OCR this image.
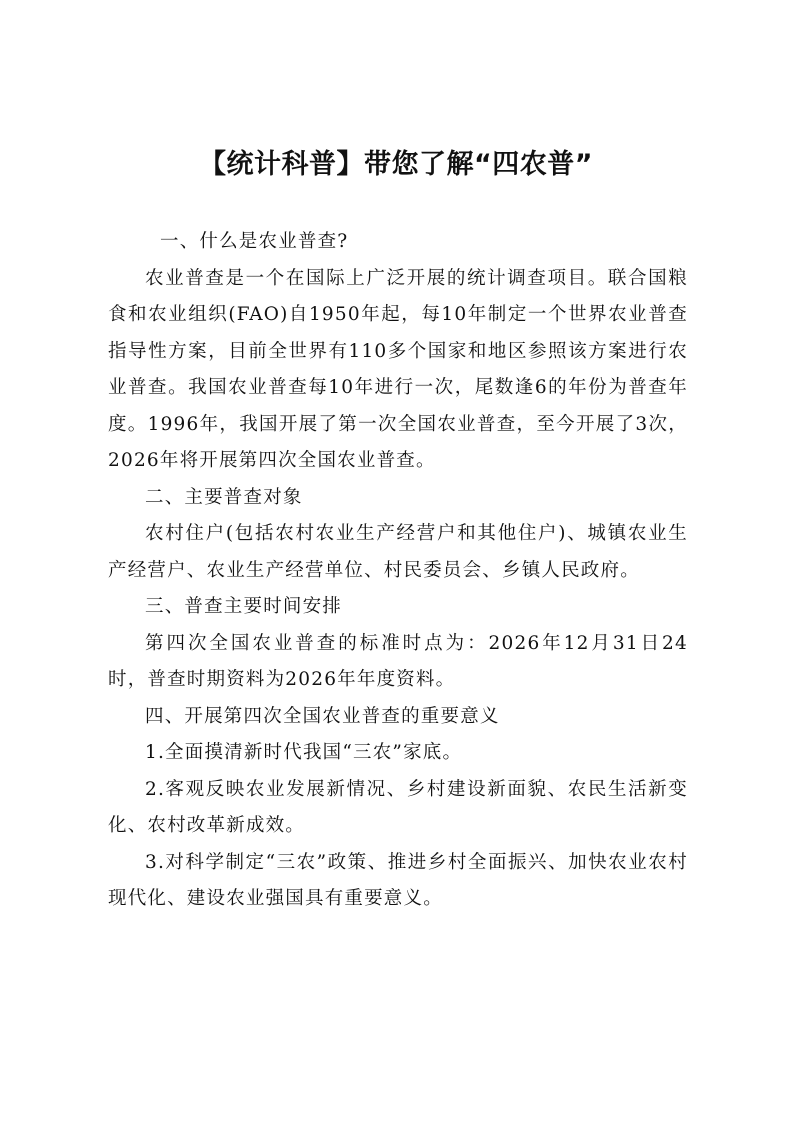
【统计科普】带您了解“四农普”

一、什么是农业普查?

农业普查是一个在国际上广泛开展的统计调查项目。联合国粮食和农业组织(FAO)自1950年起，每10年制定一个世界农业普查指导性方案，目前全世界有110多个国家和地区参照该方案进行农业普查。我国农业普查每10年进行一次，尾数逢6的年份为普查年度。1996年，我国开展了第一次全国农业普查，至今开展了3次，2026年将开展第四次全国农业普查。

二、主要普查对象

农村住户(包括农村农业生产经营户和其他住户)、城镇农业生产经营户、农业生产经营单位、村民委员会、乡镇人民政府。

三、普查主要时间安排

第四次全国农业普查的标准时点为：2026年12月31日24时，普查时期资料为2026年年度资料。

四、开展第四次全国农业普查的重要意义

1.全面摸清新时代我国“三农”家底。

2.客观反映农业发展新情况、乡村建设新面貌、农民生活新变化、农村改革新成效。

3.对科学制定“三农”政策、推进乡村全面振兴、加快农业农村现代化、建设农业强国具有重要意义。
